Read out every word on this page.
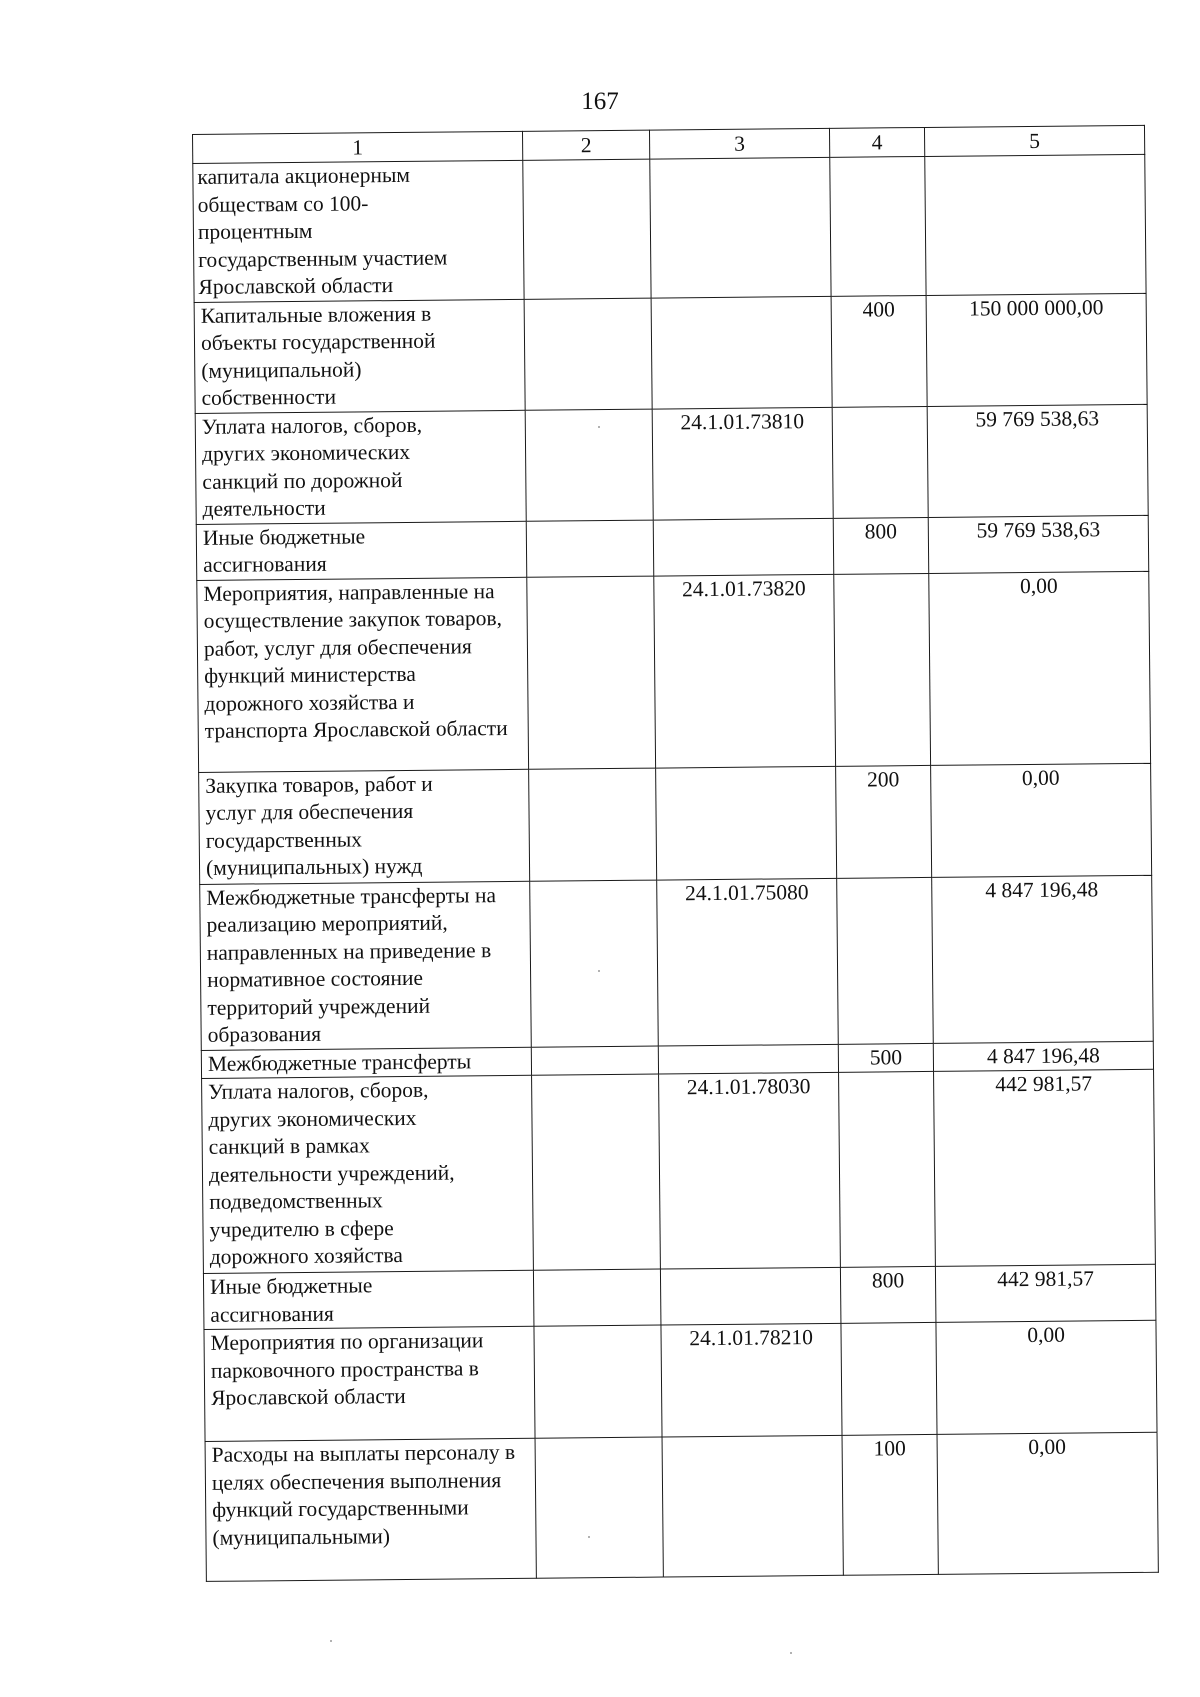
167
1	2	3	4	5
капитала акционерным обществам со 100-процентным государственным участием Ярославской области				
Капитальные вложения в объекты государственной (муниципальной) собственности			400	150 000 000,00
Уплата налогов, сборов, других экономических санкций по дорожной деятельности		24.1.01.73810		59 769 538,63
Иные бюджетные ассигнования			800	59 769 538,63
Мероприятия, направленные на осуществление закупок товаров, работ, услуг для обеспечения функций министерства дорожного хозяйства и транспорта Ярославской области		24.1.01.73820		0,00
Закупка товаров, работ и услуг для обеспечения государственных (муниципальных) нужд			200	0,00
Межбюджетные трансферты на реализацию мероприятий, направленных на приведение в нормативное состояние территорий учреждений образования		24.1.01.75080		4 847 196,48
Межбюджетные трансферты			500	4 847 196,48
Уплата налогов, сборов, других экономических санкций в рамках деятельности учреждений, подведомственных учредителю в сфере дорожного хозяйства		24.1.01.78030		442 981,57
Иные бюджетные ассигнования			800	442 981,57
Мероприятия по организации парковочного пространства в Ярославской области		24.1.01.78210		0,00
Расходы на выплаты персоналу в целях обеспечения выполнения функций государственными (муниципальными)			100	0,00
